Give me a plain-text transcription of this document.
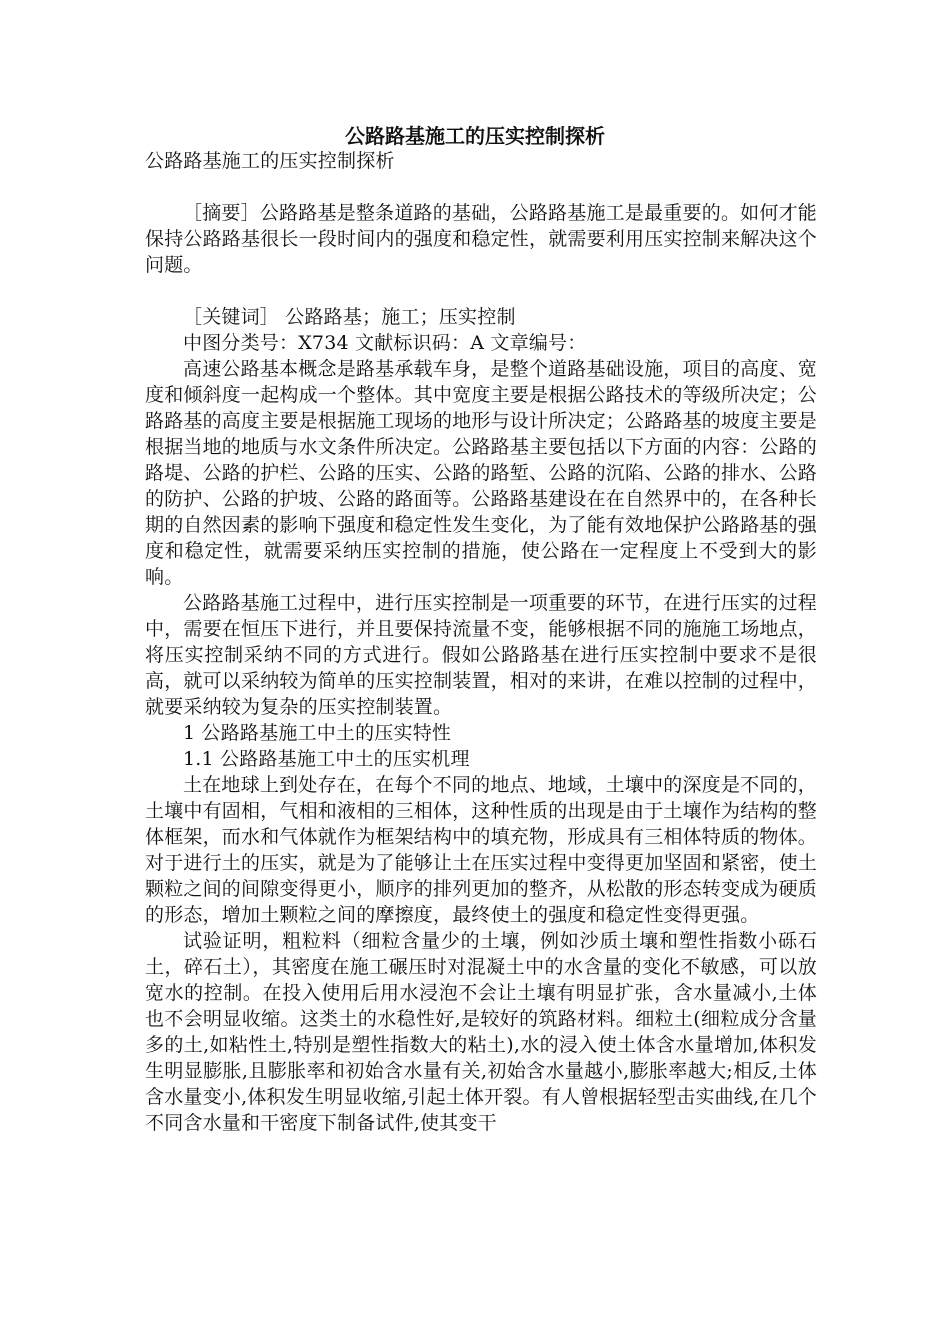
公路路基施工的压实控制探析

公路路基施工的压实控制探析

［摘要］公路路基是整条道路的基础，公路路基施工是最重要的。如何才能保持公路路基很长一段时间内的强度和稳定性，就需要利用压实控制来解决这个问题。

［关键词］ 公路路基；施工；压实控制

中图分类号：X734 文献标识码：A 文章编号：

高速公路基本概念是路基承载车身，是整个道路基础设施，项目的高度、宽度和倾斜度一起构成一个整体。其中宽度主要是根据公路技术的等级所决定；公路路基的高度主要是根据施工现场的地形与设计所决定；公路路基的坡度主要是根据当地的地质与水文条件所决定。公路路基主要包括以下方面的内容：公路的路堤、公路的护栏、公路的压实、公路的路堑、公路的沉陷、公路的排水、公路的防护、公路的护坡、公路的路面等。公路路基建设在在自然界中的，在各种长期的自然因素的影响下强度和稳定性发生变化，为了能有效地保护公路路基的强度和稳定性，就需要采纳压实控制的措施，使公路在一定程度上不受到大的影响。

公路路基施工过程中，进行压实控制是一项重要的环节，在进行压实的过程中，需要在恒压下进行，并且要保持流量不变，能够根据不同的施施工场地点，将压实控制采纳不同的方式进行。假如公路路基在进行压实控制中要求不是很高，就可以采纳较为简单的压实控制装置，相对的来讲，在难以控制的过程中，就要采纳较为复杂的压实控制装置。

1 公路路基施工中土的压实特性

1.1 公路路基施工中土的压实机理

土在地球上到处存在，在每个不同的地点、地域，土壤中的深度是不同的，土壤中有固相，气相和液相的三相体，这种性质的出现是由于土壤作为结构的整体框架，而水和气体就作为框架结构中的填充物，形成具有三相体特质的物体。对于进行土的压实，就是为了能够让土在压实过程中变得更加坚固和紧密，使土颗粒之间的间隙变得更小，顺序的排列更加的整齐，从松散的形态转变成为硬质的形态，增加土颗粒之间的摩擦度，最终使土的强度和稳定性变得更强。

试验证明，粗粒料（细粒含量少的土壤，例如沙质土壤和塑性指数小砾石土，碎石土），其密度在施工碾压时对混凝土中的水含量的变化不敏感，可以放宽水的控制。在投入使用后用水浸泡不会让土壤有明显扩张，含水量减小,土体也不会明显收缩。这类土的水稳性好,是较好的筑路材料。细粒土(细粒成分含量多的土,如粘性土,特别是塑性指数大的粘土),水的浸入使土体含水量增加,体积发生明显膨胀,且膨胀率和初始含水量有关,初始含水量越小,膨胀率越大;相反,土体含水量变小,体积发生明显收缩,引起土体开裂。有人曾根据轻型击实曲线,在几个不同含水量和干密度下制备试件,使其变干
